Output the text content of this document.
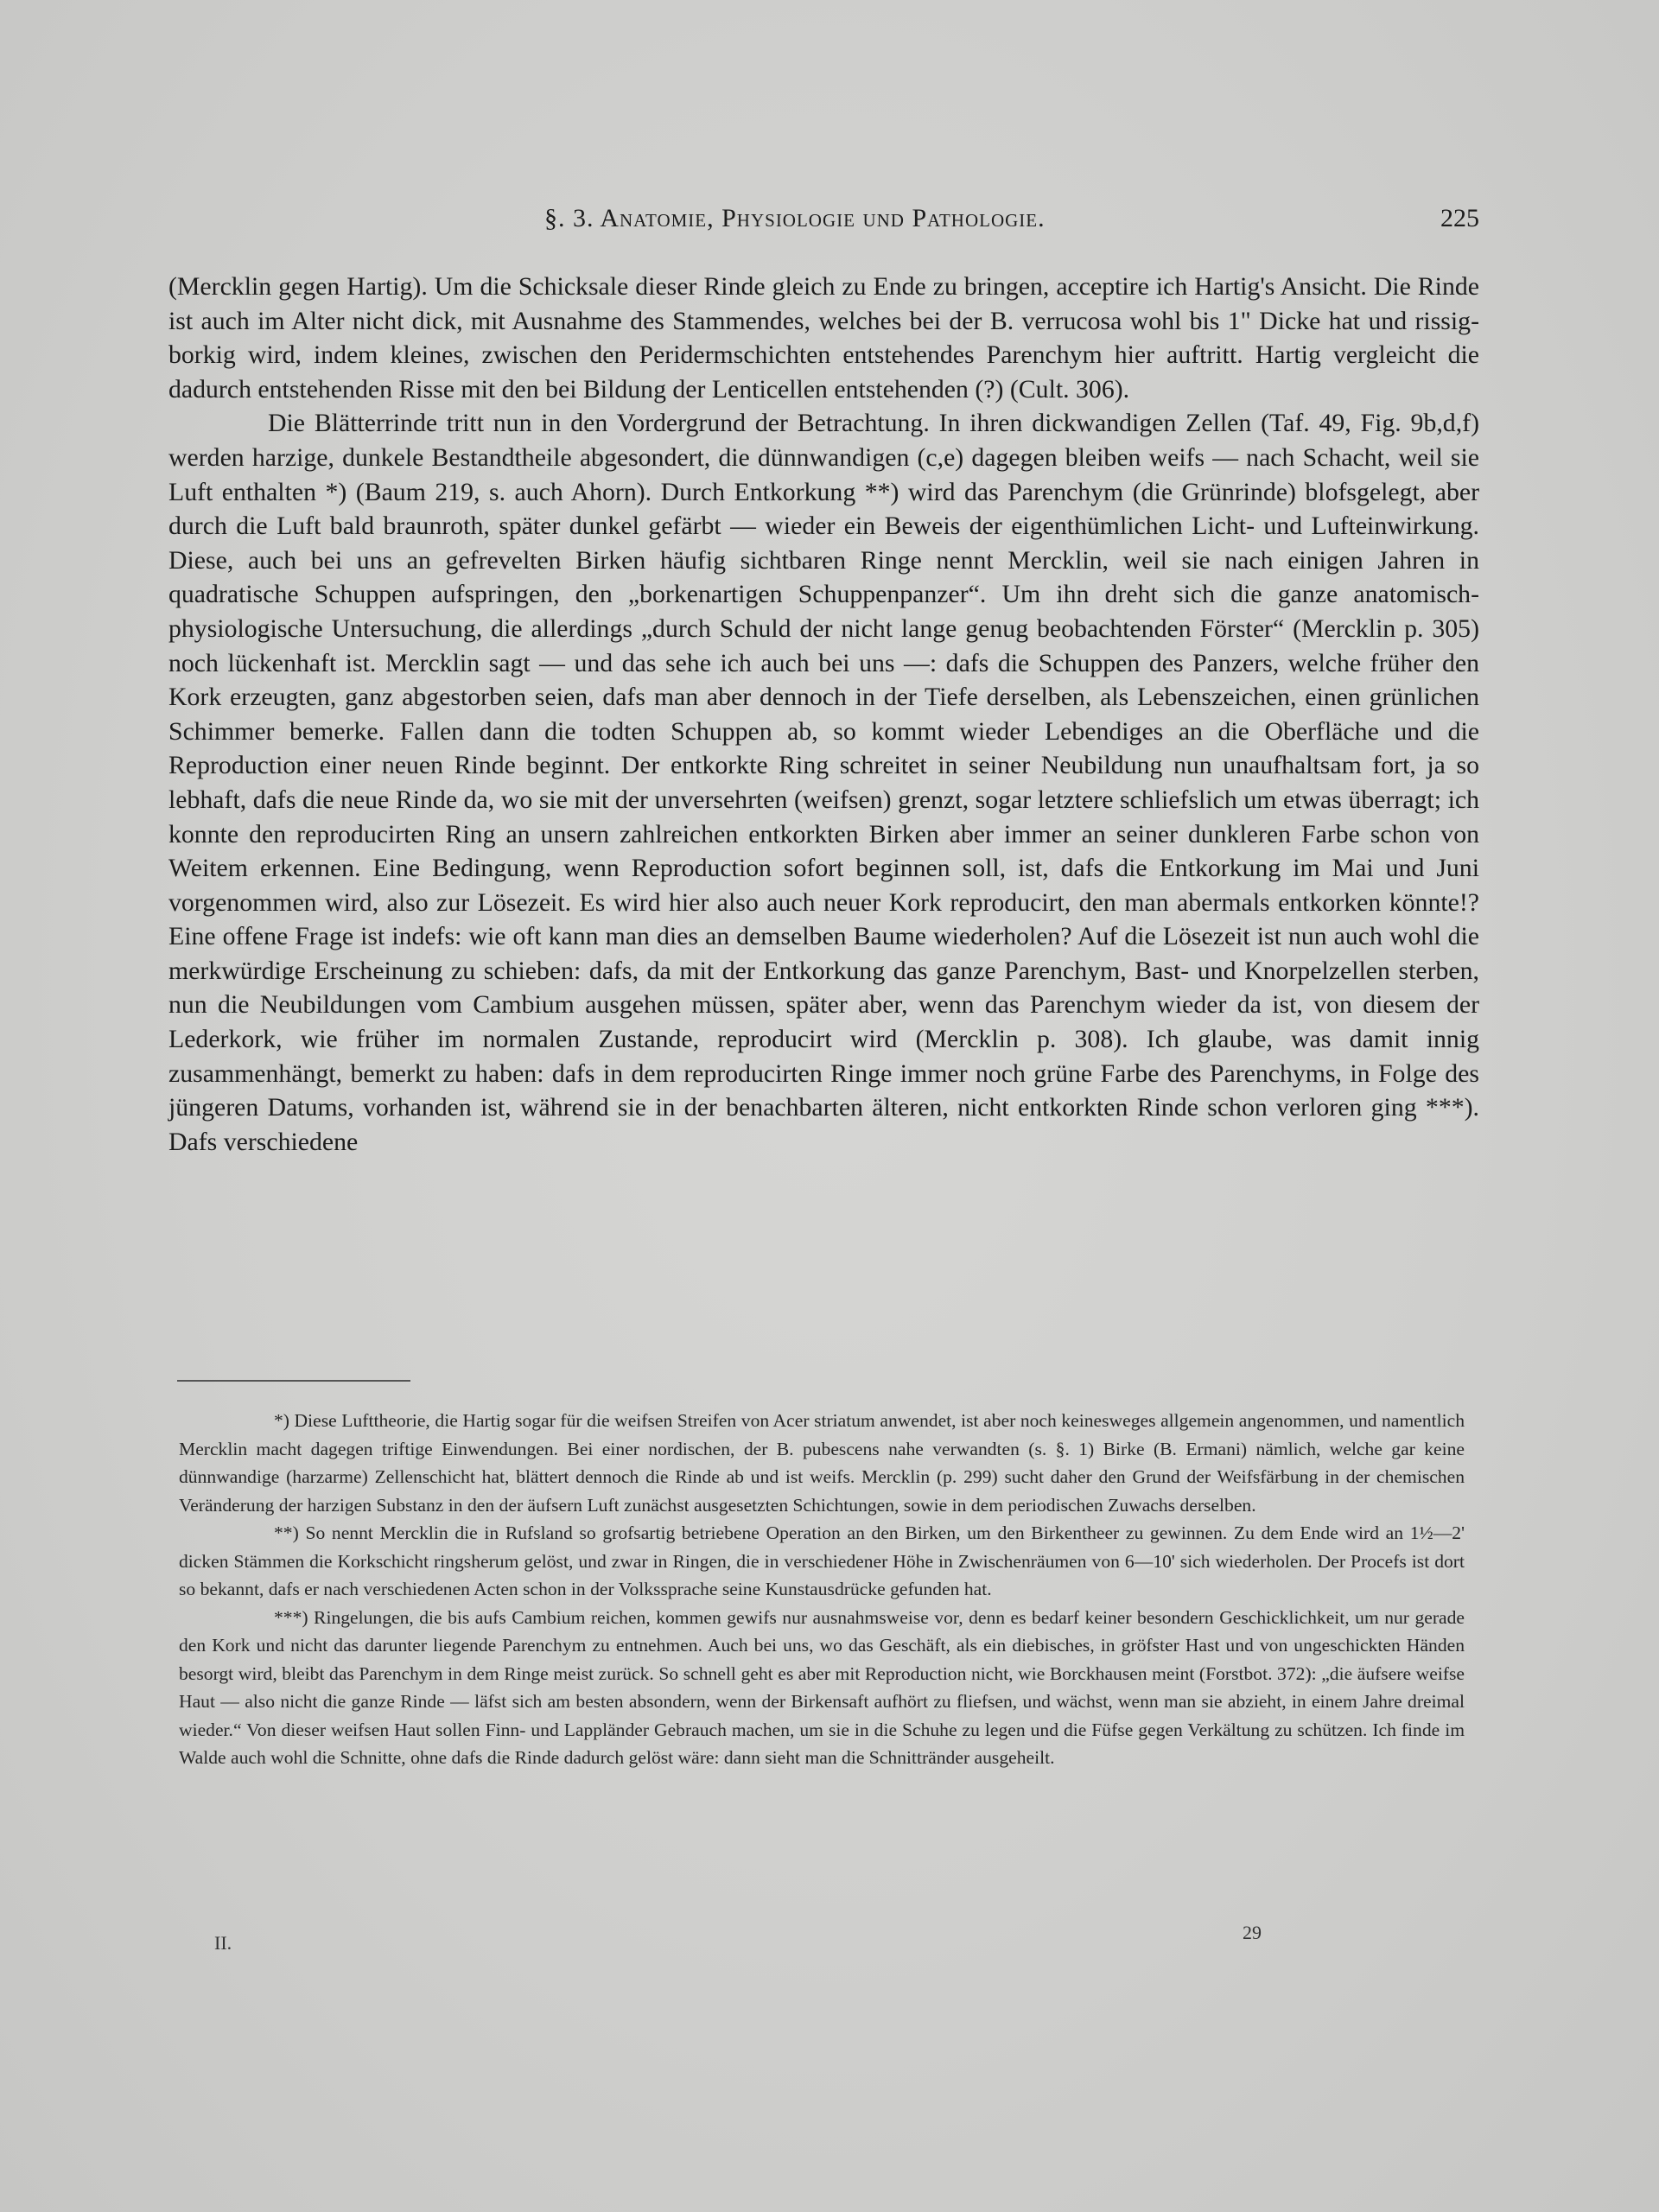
§. 3. Anatomie, Physiologie und Pathologie.	225

(Mercklin gegen Hartig). Um die Schicksale dieser Rinde gleich zu Ende zu bringen, acceptire ich Hartig's Ansicht. Die Rinde ist auch im Alter nicht dick, mit Ausnahme des Stammendes, welches bei der B. verrucosa wohl bis 1" Dicke hat und rissig-borkig wird, indem kleines, zwischen den Peridermschichten entstehendes Parenchym hier auftritt. Hartig vergleicht die dadurch entstehenden Risse mit den bei Bildung der Lenticellen entstehenden (?) (Cult. 306).

Die Blätterrinde tritt nun in den Vordergrund der Betrachtung. In ihren dickwandigen Zellen (Taf. 49, Fig. 9b,d,f) werden harzige, dunkele Bestandtheile abgesondert, die dünnwandigen (c,e) dagegen bleiben weifs — nach Schacht, weil sie Luft enthalten *) (Baum 219, s. auch Ahorn). Durch Entkorkung **) wird das Parenchym (die Grünrinde) blofsgelegt, aber durch die Luft bald braunroth, später dunkel gefärbt — wieder ein Beweis der eigenthümlichen Licht- und Lufteinwirkung. Diese, auch bei uns an gefrevelten Birken häufig sichtbaren Ringe nennt Mercklin, weil sie nach einigen Jahren in quadratische Schuppen aufspringen, den „borkenartigen Schuppenpanzer“. Um ihn dreht sich die ganze anatomisch-physiologische Untersuchung, die allerdings „durch Schuld der nicht lange genug beobachtenden Förster“ (Mercklin p. 305) noch lückenhaft ist. Mercklin sagt — und das sehe ich auch bei uns —: dafs die Schuppen des Panzers, welche früher den Kork erzeugten, ganz abgestorben seien, dafs man aber dennoch in der Tiefe derselben, als Lebenszeichen, einen grünlichen Schimmer bemerke. Fallen dann die todten Schuppen ab, so kommt wieder Lebendiges an die Oberfläche und die Reproduction einer neuen Rinde beginnt. Der entkorkte Ring schreitet in seiner Neubildung nun unaufhaltsam fort, ja so lebhaft, dafs die neue Rinde da, wo sie mit der unversehrten (weifsen) grenzt, sogar letztere schliefslich um etwas überragt; ich konnte den reproducirten Ring an unsern zahlreichen entkorkten Birken aber immer an seiner dunkleren Farbe schon von Weitem erkennen. Eine Bedingung, wenn Reproduction sofort beginnen soll, ist, dafs die Entkorkung im Mai und Juni vorgenommen wird, also zur Lösezeit. Es wird hier also auch neuer Kork reproducirt, den man abermals entkorken könnte!? Eine offene Frage ist indefs: wie oft kann man dies an demselben Baume wiederholen? Auf die Lösezeit ist nun auch wohl die merkwürdige Erscheinung zu schieben: dafs, da mit der Entkorkung das ganze Parenchym, Bast- und Knorpelzellen sterben, nun die Neubildungen vom Cambium ausgehen müssen, später aber, wenn das Parenchym wieder da ist, von diesem der Lederkork, wie früher im normalen Zustande, reproducirt wird (Mercklin p. 308). Ich glaube, was damit innig zusammenhängt, bemerkt zu haben: dafs in dem reproducirten Ringe immer noch grüne Farbe des Parenchyms, in Folge des jüngeren Datums, vorhanden ist, während sie in der benachbarten älteren, nicht entkorkten Rinde schon verloren ging ***). Dafs verschiedene

*) Diese Lufttheorie, die Hartig sogar für die weifsen Streifen von Acer striatum anwendet, ist aber noch keinesweges allgemein angenommen, und namentlich Mercklin macht dagegen triftige Einwendungen. Bei einer nordischen, der B. pubescens nahe verwandten (s. §. 1) Birke (B. Ermani) nämlich, welche gar keine dünnwandige (harzarme) Zellenschicht hat, blättert dennoch die Rinde ab und ist weifs. Mercklin (p. 299) sucht daher den Grund der Weifsfärbung in der chemischen Veränderung der harzigen Substanz in den der äufsern Luft zunächst ausgesetzten Schichtungen, sowie in dem periodischen Zuwachs derselben.

**) So nennt Mercklin die in Rufsland so grofsartig betriebene Operation an den Birken, um den Birkentheer zu gewinnen. Zu dem Ende wird an 1½—2' dicken Stämmen die Korkschicht ringsherum gelöst, und zwar in Ringen, die in verschiedener Höhe in Zwischenräumen von 6—10' sich wiederholen. Der Procefs ist dort so bekannt, dafs er nach verschiedenen Acten schon in der Volkssprache seine Kunstausdrücke gefunden hat.

***) Ringelungen, die bis aufs Cambium reichen, kommen gewifs nur ausnahmsweise vor, denn es bedarf keiner besondern Geschicklichkeit, um nur gerade den Kork und nicht das darunter liegende Parenchym zu entnehmen. Auch bei uns, wo das Geschäft, als ein diebisches, in gröfster Hast und von ungeschickten Händen besorgt wird, bleibt das Parenchym in dem Ringe meist zurück. So schnell geht es aber mit Reproduction nicht, wie Borckhausen meint (Forstbot. 372): „die äufsere weifse Haut — also nicht die ganze Rinde — läfst sich am besten absondern, wenn der Birkensaft aufhört zu fliefsen, und wächst, wenn man sie abzieht, in einem Jahre dreimal wieder.“ Von dieser weifsen Haut sollen Finn- und Lappländer Gebrauch machen, um sie in die Schuhe zu legen und die Füfse gegen Verkältung zu schützen. Ich finde im Walde auch wohl die Schnitte, ohne dafs die Rinde dadurch gelöst wäre: dann sieht man die Schnittränder ausgeheilt.

II.	29
